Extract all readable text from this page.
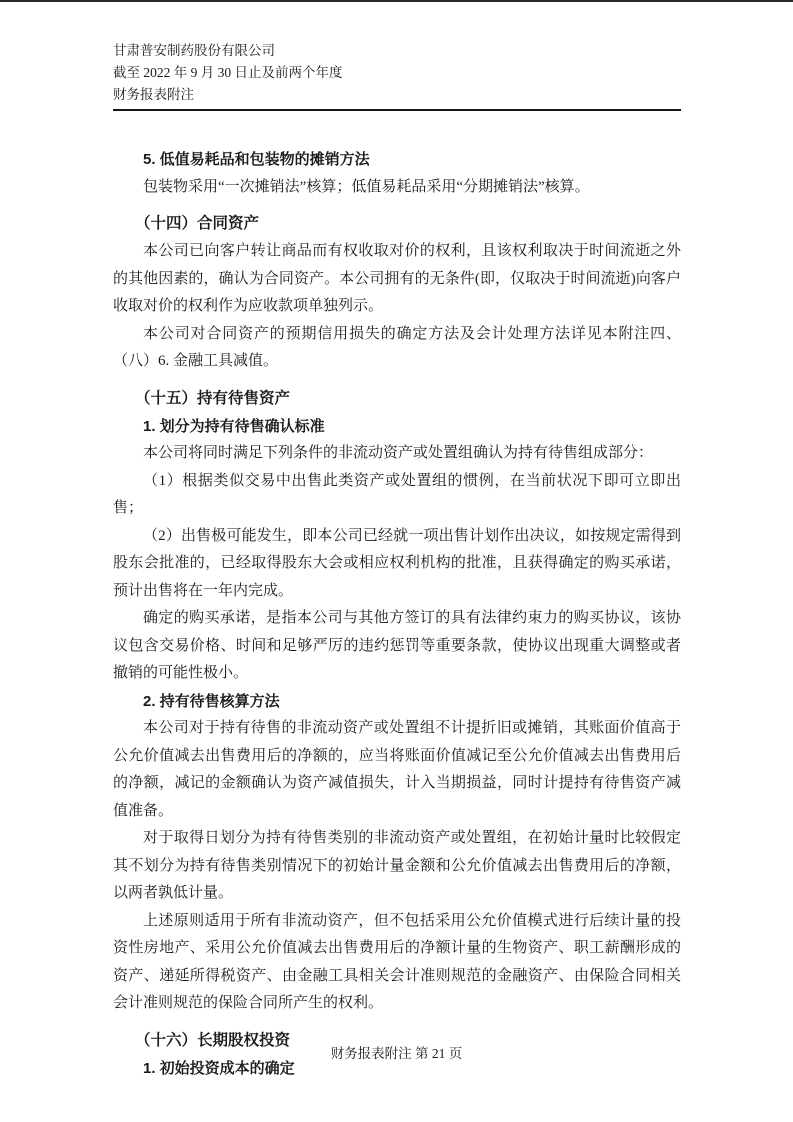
甘肃普安制药股份有限公司
截至 2022 年 9 月 30 日止及前两个年度
财务报表附注
5. 低值易耗品和包装物的摊销方法

包装物采用“一次摊销法”核算；低值易耗品采用“分期摊销法”核算。

（十四）合同资产

本公司已向客户转让商品而有权收取对价的权利，且该权利取决于时间流逝之外的其他因素的，确认为合同资产。本公司拥有的无条件(即，仅取决于时间流逝)向客户收取对价的权利作为应收款项单独列示。

本公司对合同资产的预期信用损失的确定方法及会计处理方法详见本附注四、（八）6. 金融工具减值。

（十五）持有待售资产
1. 划分为持有待售确认标准

本公司将同时满足下列条件的非流动资产或处置组确认为持有待售组成部分：

（1）根据类似交易中出售此类资产或处置组的惯例，在当前状况下即可立即出售；

（2）出售极可能发生，即本公司已经就一项出售计划作出决议，如按规定需得到股东会批准的，已经取得股东大会或相应权利机构的批准，且获得确定的购买承诺，预计出售将在一年内完成。

确定的购买承诺，是指本公司与其他方签订的具有法律约束力的购买协议，该协议包含交易价格、时间和足够严厉的违约惩罚等重要条款，使协议出现重大调整或者撤销的可能性极小。

2. 持有待售核算方法

本公司对于持有待售的非流动资产或处置组不计提折旧或摊销，其账面价值高于公允价值减去出售费用后的净额的，应当将账面价值减记至公允价值减去出售费用后的净额，减记的金额确认为资产减值损失，计入当期损益，同时计提持有待售资产减值准备。

对于取得日划分为持有待售类别的非流动资产或处置组，在初始计量时比较假定其不划分为持有待售类别情况下的初始计量金额和公允价值减去出售费用后的净额，以两者孰低计量。

上述原则适用于所有非流动资产，但不包括采用公允价值模式进行后续计量的投资性房地产、采用公允价值减去出售费用后的净额计量的生物资产、职工薪酬形成的资产、递延所得税资产、由金融工具相关会计准则规范的金融资产、由保险合同相关会计准则规范的保险合同所产生的权利。

（十六）长期股权投资
1. 初始投资成本的确定
财务报表附注 第 21 页
